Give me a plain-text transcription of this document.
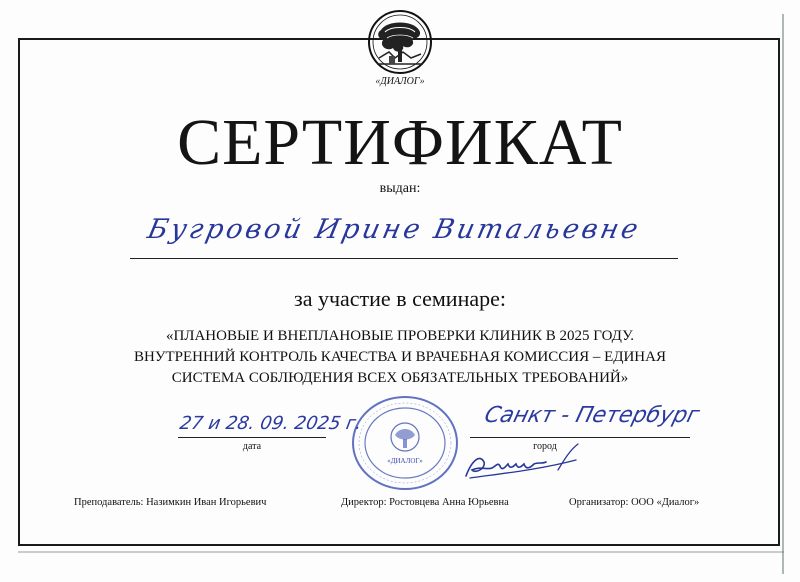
«ДИАЛОГ»
СЕРТИФИКАТ
выдан:
Бугровой Ирине Витальевне
за участие в семинаре:
«ПЛАНОВЫЕ И ВНЕПЛАНОВЫЕ ПРОВЕРКИ КЛИНИК В 2025 ГОДУ.
ВНУТРЕННИЙ КОНТРОЛЬ КАЧЕСТВА И ВРАЧЕБНАЯ КОМИССИЯ – ЕДИНАЯ
СИСТЕМА СОБЛЮДЕНИЯ ВСЕХ ОБЯЗАТЕЛЬНЫХ ТРЕБОВАНИЙ»
«ДИАЛОГ»
27 и 28. 09. 2025 г.
дата
Санкт - Петербург
город
Преподаватель: Назимкин Иван Игорьевич	Директор: Ростовцева Анна Юрьевна	Организатор: ООО «Диалог»
